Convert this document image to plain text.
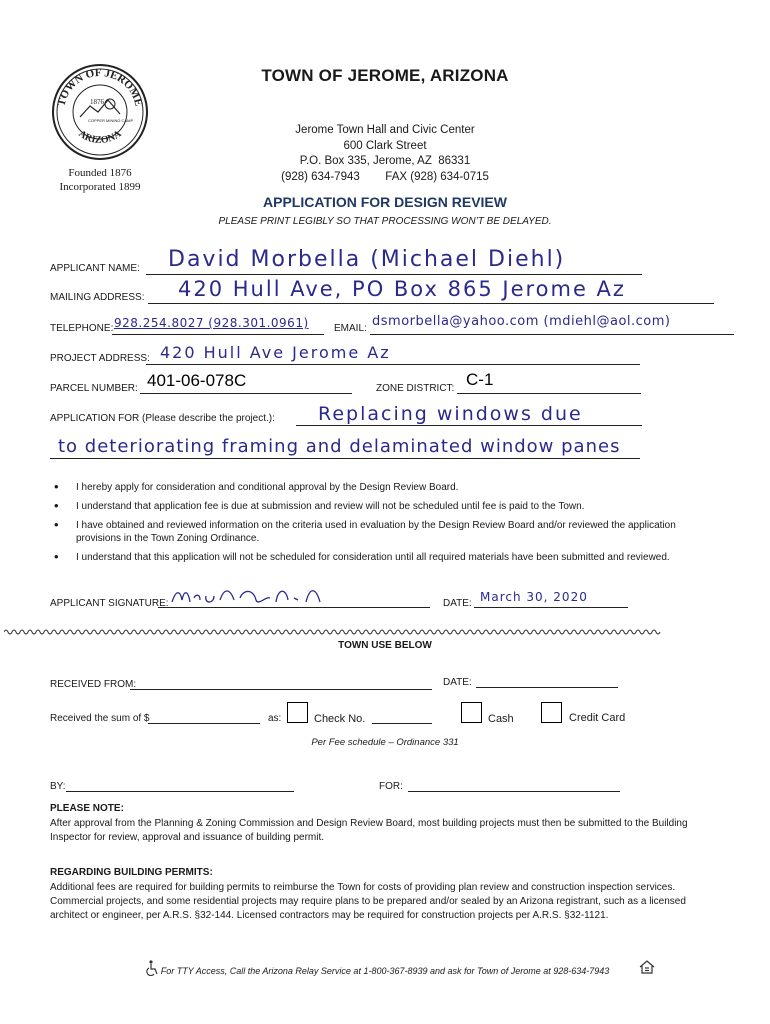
TOWN OF JEROME
ARIZONA
1876
COPPER MINING CAMP
Founded 1876
Incorporated 1899
TOWN OF JEROME, ARIZONA
Jerome Town Hall and Civic Center
600 Clark Street
P.O. Box 335, Jerome, AZ  86331
(928) 634-7943        FAX (928) 634-0715
APPLICATION FOR DESIGN REVIEW
PLEASE PRINT LEGIBLY SO THAT PROCESSING WON’T BE DELAYED.
APPLICANT NAME: David Morbella (Michael Diehl)
MAILING ADDRESS: 420 Hull Ave, PO Box 865 Jerome Az
TELEPHONE: 928.254.8027 (928.301.0961)	EMAIL: dsmorbella@yahoo.com (mdiehl@aol.com)
PROJECT ADDRESS: 420 Hull Ave Jerome Az
PARCEL NUMBER: 401-06-078C	ZONE DISTRICT: C-1
APPLICATION FOR (Please describe the project.): Replacing windows due
to deteriorating framing and delaminated window panes
• I hereby apply for consideration and conditional approval by the Design Review Board.
• I understand that application fee is due at submission and review will not be scheduled until fee is paid to the Town.
• I have obtained and reviewed information on the criteria used in evaluation by the Design Review Board and/or reviewed the application provisions in the Town Zoning Ordinance.
• I understand that this application will not be scheduled for consideration until all required materials have been submitted and reviewed.
APPLICANT SIGNATURE:	DATE: March 30, 2020
TOWN USE BELOW
RECEIVED FROM:	DATE:
Received the sum of $	as:	Check No.	Cash	Credit Card
Per Fee schedule – Ordinance 331
BY:	FOR:
PLEASE NOTE:
After approval from the Planning & Zoning Commission and Design Review Board, most building projects must then be submitted to the Building Inspector for review, approval and issuance of building permit.
REGARDING BUILDING PERMITS:
Additional fees are required for building permits to reimburse the Town for costs of providing plan review and construction inspection services. Commercial projects, and some residential projects may require plans to be prepared and/or sealed by an Arizona registrant, such as a licensed architect or engineer, per A.R.S. §32-144. Licensed contractors may be required for construction projects per A.R.S. §32-1121.
For TTY Access, Call the Arizona Relay Service at 1-800-367-8939 and ask for Town of Jerome at 928-634-7943
